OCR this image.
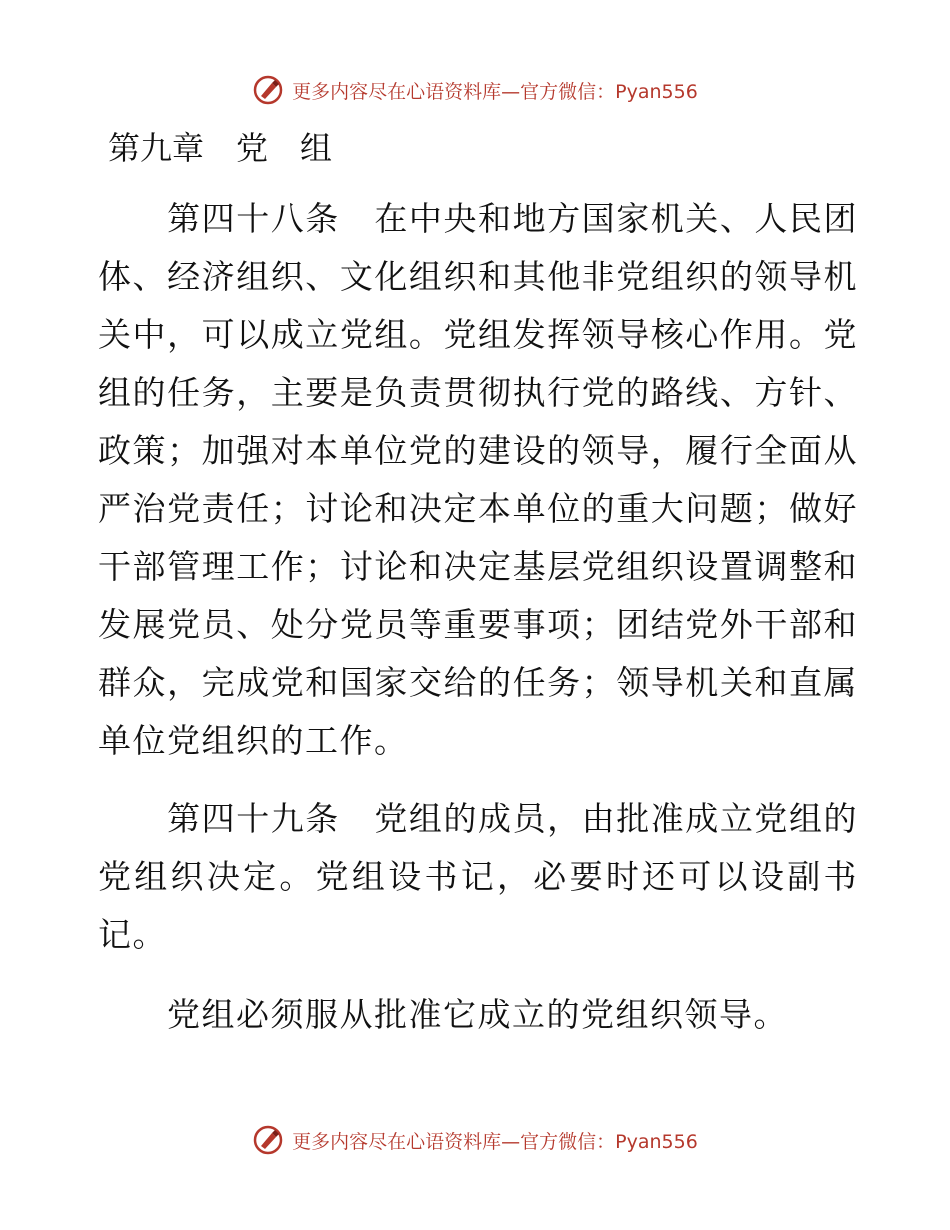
更多内容尽在心语资料库—官方微信：Pyan556
第九章　党　组

　　第四十八条　在中央和地方国家机关、人民团体、经济组织、文化组织和其他非党组织的领导机关中，可以成立党组。党组发挥领导核心作用。党组的任务，主要是负责贯彻执行党的路线、方针、政策；加强对本单位党的建设的领导，履行全面从严治党责任；讨论和决定本单位的重大问题；做好干部管理工作；讨论和决定基层党组织设置调整和发展党员、处分党员等重要事项；团结党外干部和群众，完成党和国家交给的任务；领导机关和直属单位党组织的工作。

　　第四十九条　党组的成员，由批准成立党组的党组织决定。党组设书记，必要时还可以设副书记。

　　党组必须服从批准它成立的党组织领导。

更多内容尽在心语资料库—官方微信：Pyan556
